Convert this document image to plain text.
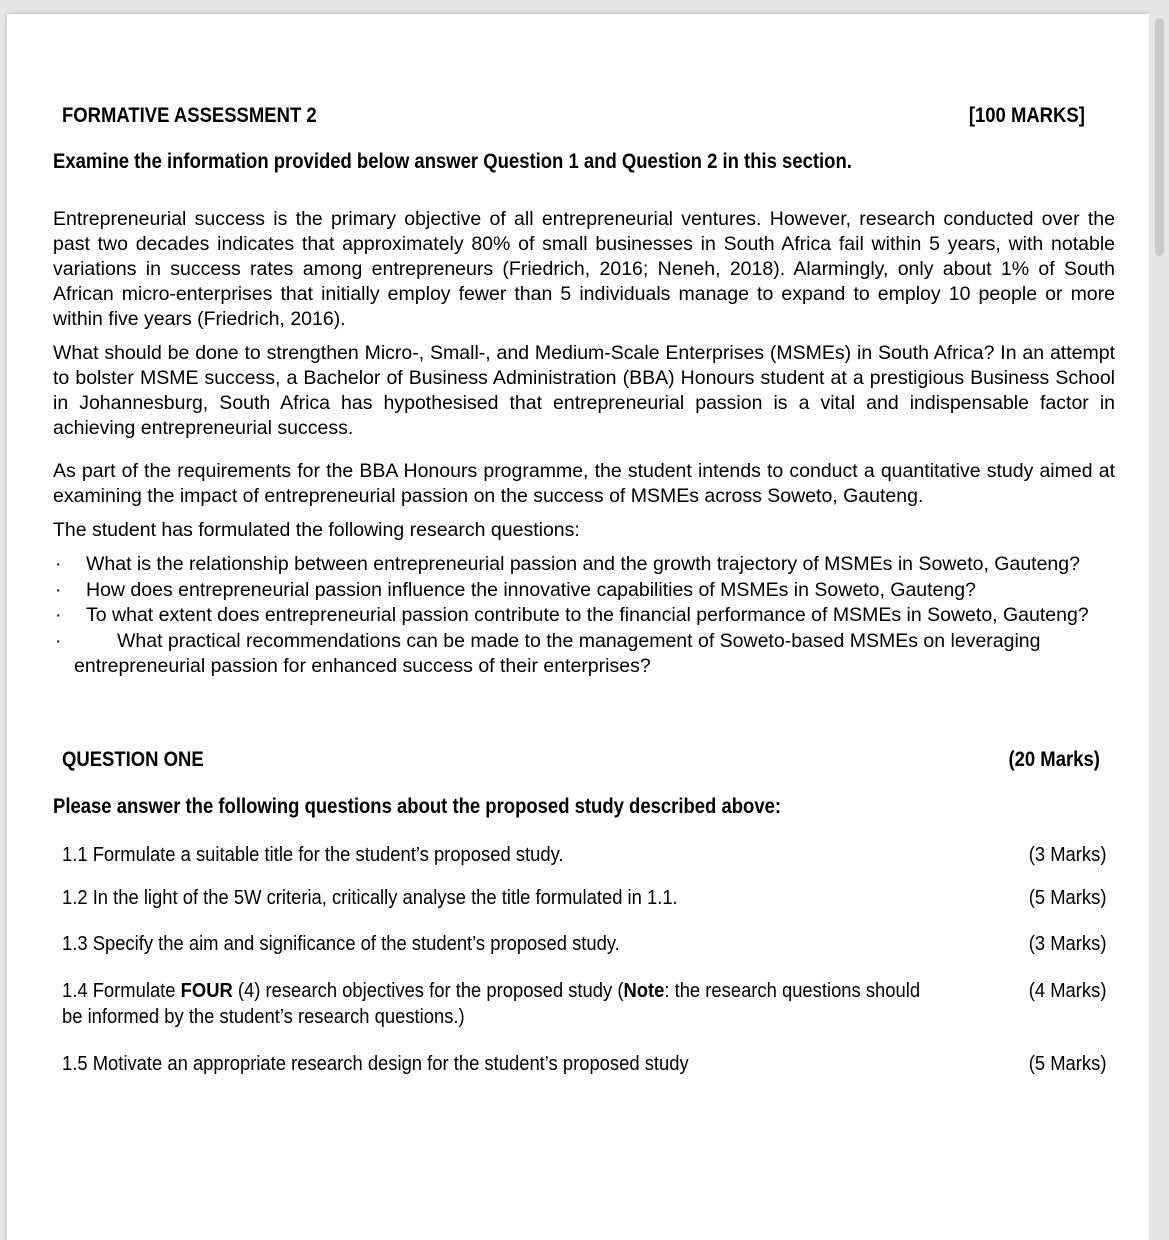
FORMATIVE ASSESSMENT 2	[100 MARKS]
Examine the information provided below answer Question 1 and Question 2 in this section.
Entrepreneurial success is the primary objective of all entrepreneurial ventures. However, research conducted over the past two decades indicates that approximately 80% of small businesses in South Africa fail within 5 years, with notable variations in success rates among entrepreneurs (Friedrich, 2016; Neneh, 2018). Alarmingly, only about 1% of South African micro-enterprises that initially employ fewer than 5 individuals manage to expand to employ 10 people or more within five years (Friedrich, 2016).
What should be done to strengthen Micro-, Small-, and Medium-Scale Enterprises (MSMEs) in South Africa? In an attempt to bolster MSME success, a Bachelor of Business Administration (BBA) Honours student at a prestigious Business School in Johannesburg, South Africa has hypothesised that entrepreneurial passion is a vital and indispensable factor in achieving entrepreneurial success.
As part of the requirements for the BBA Honours programme, the student intends to conduct a quantitative study aimed at examining the impact of entrepreneurial passion on the success of MSMEs across Soweto, Gauteng.
The student has formulated the following research questions:
· What is the relationship between entrepreneurial passion and the growth trajectory of MSMEs in Soweto, Gauteng?
· How does entrepreneurial passion influence the innovative capabilities of MSMEs in Soweto, Gauteng?
· To what extent does entrepreneurial passion contribute to the financial performance of MSMEs in Soweto, Gauteng?
·	What practical recommendations can be made to the management of Soweto-based MSMEs on leveraging
entrepreneurial passion for enhanced success of their enterprises?
QUESTION ONE	(20 Marks)
Please answer the following questions about the proposed study described above:
1.1 Formulate a suitable title for the student’s proposed study.	(3 Marks)
1.2 In the light of the 5W criteria, critically analyse the title formulated in 1.1.	(5 Marks)
1.3 Specify the aim and significance of the student’s proposed study.	(3 Marks)
1.4 Formulate FOUR (4) research objectives for the proposed study (Note: the research questions should be informed by the student’s research questions.)
(4 Marks)
1.5 Motivate an appropriate research design for the student’s proposed study	(5 Marks)
